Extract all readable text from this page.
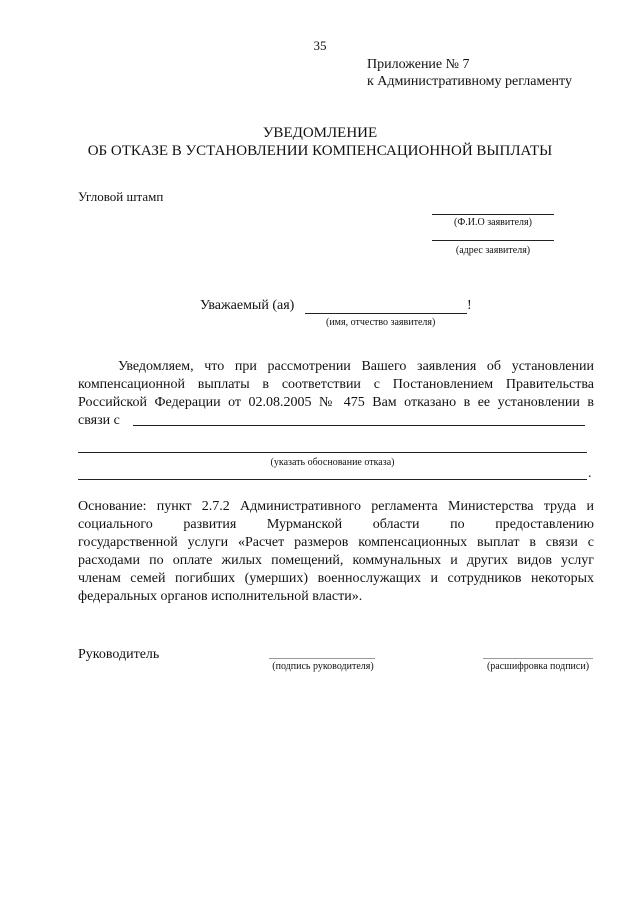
35
Приложение № 7
к Административному регламенту
УВЕДОМЛЕНИЕ
ОБ ОТКАЗЕ В УСТАНОВЛЕНИИ КОМПЕНСАЦИОННОЙ ВЫПЛАТЫ
Угловой штамп
(Ф.И.О заявителя)
(адрес заявителя)
Уважаемый (ая)	!
(имя, отчество заявителя)
Уведомляем, что при рассмотрении Вашего заявления об установлении
компенсационной выплаты в соответствии с Постановлением Правительства
Российской Федерации от 02.08.2005 № 475 Вам отказано в ее установлении в
связи с
(указать обоснование отказа)
.
Основание: пункт 2.7.2 Административного регламента Министерства труда и
социального развития Мурманской области по предоставлению
государственной услуги «Расчет размеров компенсационных выплат в связи с
расходами по оплате жилых помещений, коммунальных и других видов услуг
членам семей погибших (умерших) военнослужащих и сотрудников некоторых
федеральных органов исполнительной власти».
Руководитель
(подпись руководителя)	(расшифровка подписи)
